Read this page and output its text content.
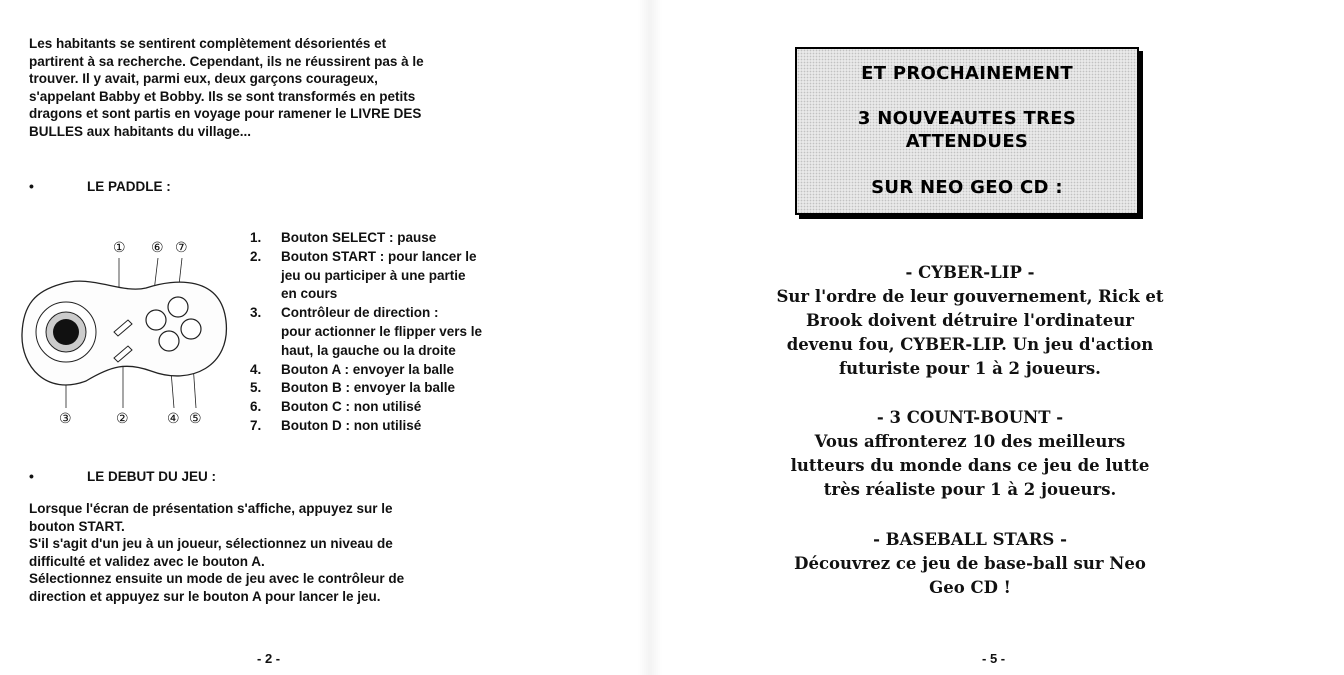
Les habitants se sentirent complètement désorientés et
partirent à sa recherche. Cependant, ils ne réussirent pas à le
trouver. Il y avait, parmi eux, deux garçons courageux,
s'appelant Babby et Bobby. Ils se sont transformés en petits
dragons et sont partis en voyage pour ramener le LIVRE DES
BULLES aux habitants du village...

•	LE PADDLE :
① ⑥ ⑦
③	②	④ ⑤
1. Bouton SELECT : pause
2. Bouton START : pour lancer le
jeu ou participer à une partie
en cours
3. Contrôleur de direction :
pour actionner le flipper vers le
haut, la gauche ou la droite
4. Bouton A : envoyer la balle
5. Bouton B : envoyer la balle
6. Bouton C : non utilisé
7. Bouton D : non utilisé
•	LE DEBUT DU JEU :

Lorsque l'écran de présentation s'affiche, appuyez sur le
bouton START.
S'il s'agit d'un jeu à un joueur, sélectionnez un niveau de
difficulté et validez avec le bouton A.
Sélectionnez ensuite un mode de jeu avec le contrôleur de
direction et appuyez sur le bouton A pour lancer le jeu.

- 2 -
ET PROCHAINEMENT
3 NOUVEAUTES TRES
ATTENDUES
SUR NEO GEO CD :
- CYBER-LIP -
Sur l'ordre de leur gouvernement, Rick et
Brook doivent détruire l'ordinateur
devenu fou, CYBER-LIP. Un jeu d'action
futuriste pour 1 à 2 joueurs.
- 3 COUNT-BOUNT -
Vous affronterez 10 des meilleurs
lutteurs du monde dans ce jeu de lutte
très réaliste pour 1 à 2 joueurs.
- BASEBALL STARS -
Découvrez ce jeu de base-ball sur Neo
Geo CD !
- 5 -
